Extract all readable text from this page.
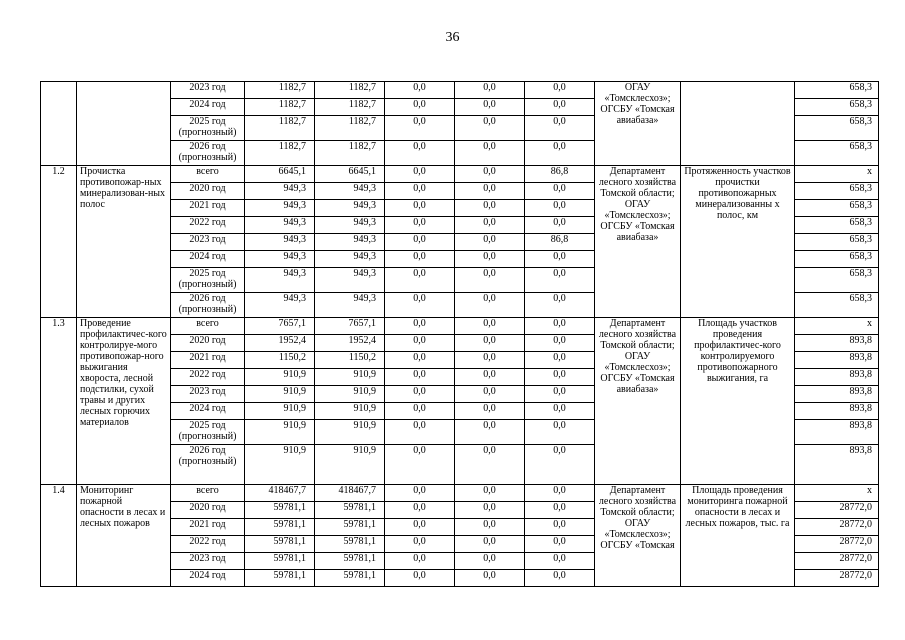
36
		2023 год	1182,7	1182,7	0,0	0,0	0,0	ОГАУ «Томсклесхоз»; ОГСБУ «Томская авиабаза»		658,3
		2024 год	1182,7	1182,7	0,0	0,0	0,0			658,3
		2025 год (прогнозный)	1182,7	1182,7	0,0	0,0	0,0			658,3
		2026 год (прогнозный)	1182,7	1182,7	0,0	0,0	0,0			658,3
1.2	Прочистка противопожар-ных минерализован-ных полос	всего	6645,1	6645,1	0,0	0,0	86,8	Департамент лесного хозяйства Томской области; ОГАУ «Томсклесхоз»; ОГСБУ «Томская авиабаза»	Протяженность участков прочистки противопожарных минерализованны х полос, км	x
		2020 год	949,3	949,3	0,0	0,0	0,0			658,3
		2021 год	949,3	949,3	0,0	0,0	0,0			658,3
		2022 год	949,3	949,3	0,0	0,0	0,0			658,3
		2023 год	949,3	949,3	0,0	0,0	86,8			658,3
		2024 год	949,3	949,3	0,0	0,0	0,0			658,3
		2025 год (прогнозный)	949,3	949,3	0,0	0,0	0,0			658,3
		2026 год (прогнозный)	949,3	949,3	0,0	0,0	0,0			658,3
1.3	Проведение профилактичес-кого контролируе-мого противопожар-ного выжигания хвороста, лесной подстилки, сухой травы и других лесных горючих материалов	всего	7657,1	7657,1	0,0	0,0	0,0	Департамент лесного хозяйства Томской области; ОГАУ «Томсклесхоз»; ОГСБУ «Томская авиабаза»	Площадь участков проведения профилактичес-кого контролируемого противопожарного выжигания, га	x
		2020 год	1952,4	1952,4	0,0	0,0	0,0			893,8
		2021 год	1150,2	1150,2	0,0	0,0	0,0			893,8
		2022 год	910,9	910,9	0,0	0,0	0,0			893,8
		2023 год	910,9	910,9	0,0	0,0	0,0			893,8
		2024 год	910,9	910,9	0,0	0,0	0,0			893,8
		2025 год (прогнозный)	910,9	910,9	0,0	0,0	0,0			893,8
		2026 год (прогнозный)	910,9	910,9	0,0	0,0	0,0			893,8
1.4	Мониторинг пожарной опасности в лесах и лесных пожаров	всего	418467,7	418467,7	0,0	0,0	0,0	Департамент лесного хозяйства Томской области; ОГАУ «Томсклесхоз»; ОГСБУ «Томская	Площадь проведения мониторинга пожарной опасности в лесах и лесных пожаров, тыс. га	x
		2020 год	59781,1	59781,1	0,0	0,0	0,0			28772,0
		2021 год	59781,1	59781,1	0,0	0,0	0,0			28772,0
		2022 год	59781,1	59781,1	0,0	0,0	0,0			28772,0
		2023 год	59781,1	59781,1	0,0	0,0	0,0			28772,0
		2024 год	59781,1	59781,1	0,0	0,0	0,0			28772,0
